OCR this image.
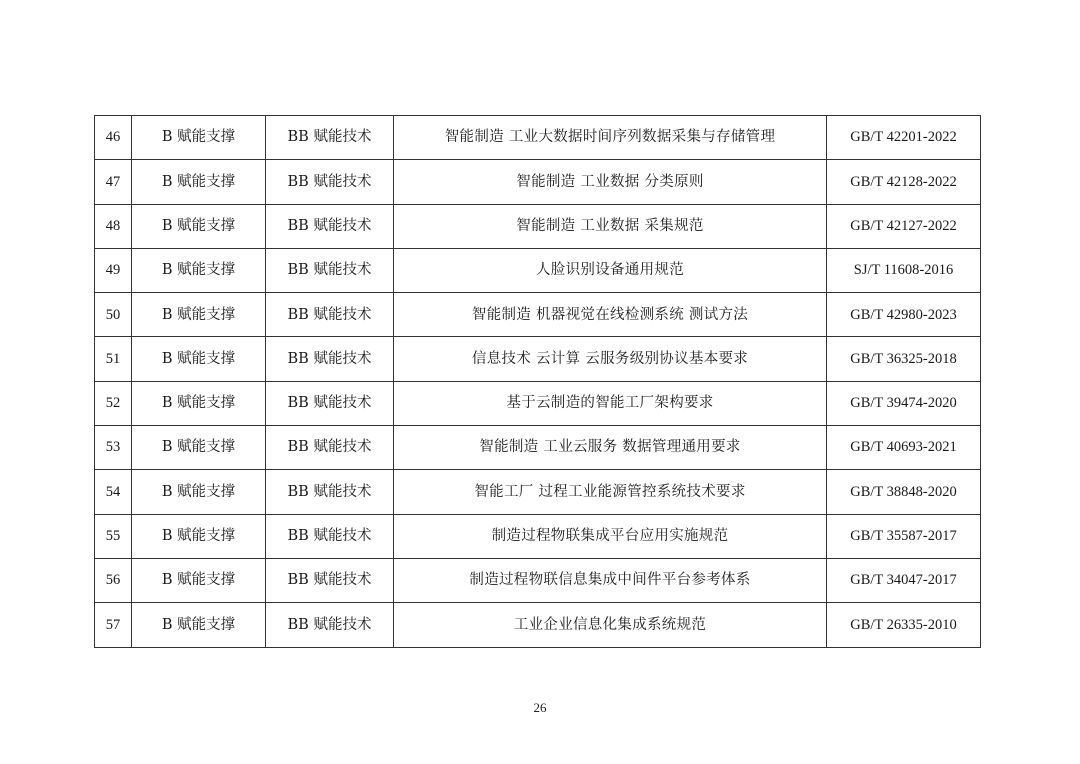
46	B 赋能支撑	BB 赋能技术	智能制造 工业大数据时间序列数据采集与存储管理	GB/T 42201-2022
47	B 赋能支撑	BB 赋能技术	智能制造 工业数据 分类原则	GB/T 42128-2022
48	B 赋能支撑	BB 赋能技术	智能制造 工业数据 采集规范	GB/T 42127-2022
49	B 赋能支撑	BB 赋能技术	人脸识别设备通用规范	SJ/T 11608-2016
50	B 赋能支撑	BB 赋能技术	智能制造 机器视觉在线检测系统 测试方法	GB/T 42980-2023
51	B 赋能支撑	BB 赋能技术	信息技术 云计算 云服务级别协议基本要求	GB/T 36325-2018
52	B 赋能支撑	BB 赋能技术	基于云制造的智能工厂架构要求	GB/T 39474-2020
53	B 赋能支撑	BB 赋能技术	智能制造 工业云服务 数据管理通用要求	GB/T 40693-2021
54	B 赋能支撑	BB 赋能技术	智能工厂 过程工业能源管控系统技术要求	GB/T 38848-2020
55	B 赋能支撑	BB 赋能技术	制造过程物联集成平台应用实施规范	GB/T 35587-2017
56	B 赋能支撑	BB 赋能技术	制造过程物联信息集成中间件平台参考体系	GB/T 34047-2017
57	B 赋能支撑	BB 赋能技术	工业企业信息化集成系统规范	GB/T 26335-2010
26
